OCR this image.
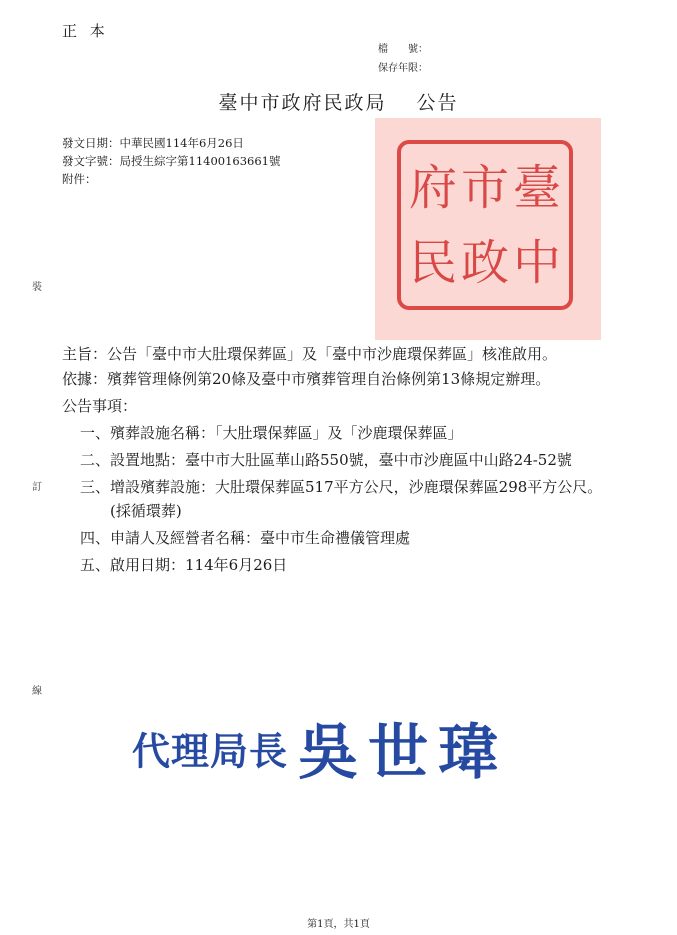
正 本
檔　　號：
保存年限：
臺中市政府民政局 公告
發文日期：中華民國114年6月26日
發文字號：局授生綜字第11400163661號
附件：	臺
中
市
政
府
民
裝
訂
線
主旨： 公告「臺中市大肚環保葬區」及「臺中市沙鹿環保葬區」核准啟用。
依據： 殯葬管理條例第20條及臺中市殯葬管理自治條例第13條規定辦理。
公告事項：
一、 殯葬設施名稱：「大肚環保葬區」及「沙鹿環保葬區」
二、 設置地點：臺中市大肚區華山路550號，臺中市沙鹿區中山路24-52號
三、 增設殯葬設施：大肚環保葬區517平方公尺，沙鹿環保葬區298平方公尺。(採循環葬)
四、 申請人及經營者名稱：臺中市生命禮儀管理處
五、 啟用日期：114年6月26日
代理局長 吳世瑋
第1頁，共1頁
